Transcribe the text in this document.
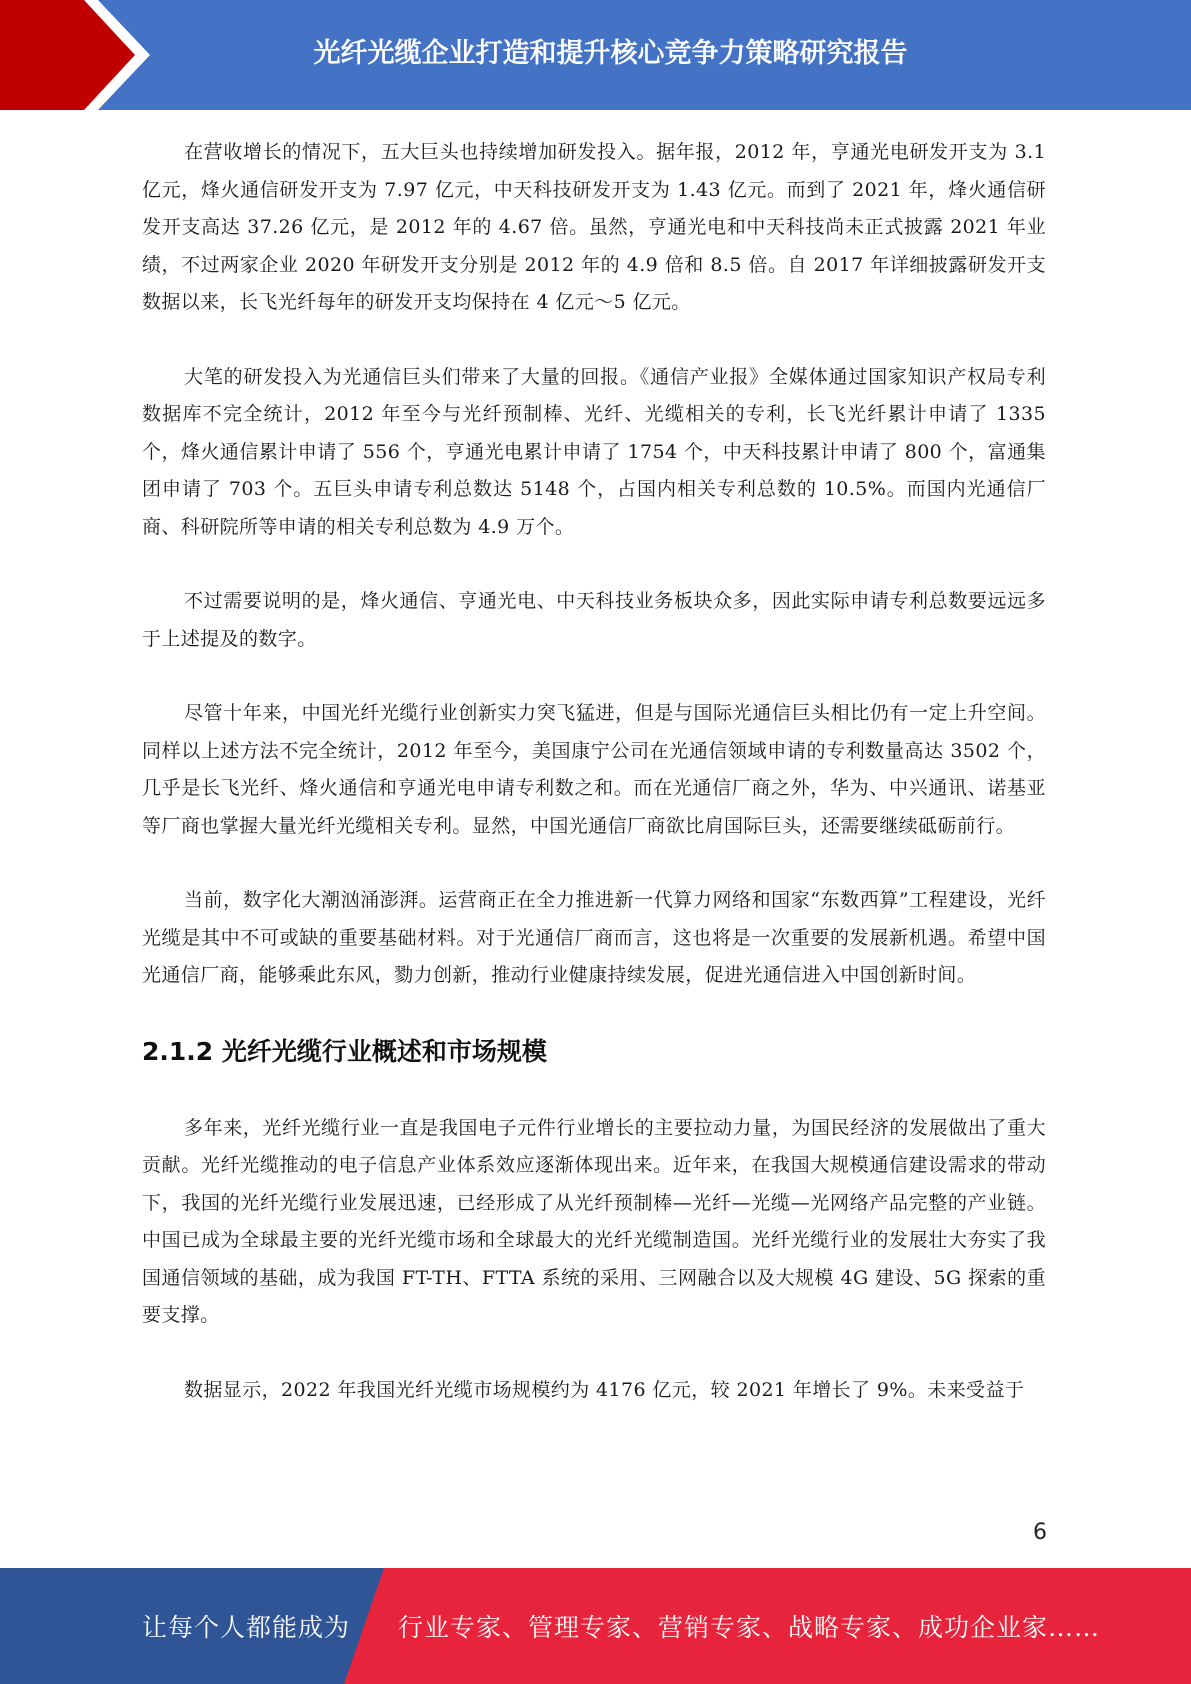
光纤光缆企业打造和提升核心竞争力策略研究报告

在营收增长的情况下，五大巨头也持续增加研发投入。据年报，2012 年，亨通光电研发开支为 3.1 亿元，烽火通信研发开支为 7.97 亿元，中天科技研发开支为 1.43 亿元。而到了 2021 年，烽火通信研发开支高达 37.26 亿元，是 2012 年的 4.67 倍。虽然，亨通光电和中天科技尚未正式披露 2021 年业绩，不过两家企业 2020 年研发开支分别是 2012 年的 4.9 倍和 8.5 倍。自 2017 年详细披露研发开支数据以来，长飞光纤每年的研发开支均保持在 4 亿元～5 亿元。

大笔的研发投入为光通信巨头们带来了大量的回报。《通信产业报》全媒体通过国家知识产权局专利数据库不完全统计，2012 年至今与光纤预制棒、光纤、光缆相关的专利，长飞光纤累计申请了 1335 个，烽火通信累计申请了 556 个，亨通光电累计申请了 1754 个，中天科技累计申请了 800 个，富通集团申请了 703 个。五巨头申请专利总数达 5148 个，占国内相关专利总数的 10.5%。而国内光通信厂商、科研院所等申请的相关专利总数为 4.9 万个。

不过需要说明的是，烽火通信、亨通光电、中天科技业务板块众多，因此实际申请专利总数要远远多于上述提及的数字。

尽管十年来，中国光纤光缆行业创新实力突飞猛进，但是与国际光通信巨头相比仍有一定上升空间。同样以上述方法不完全统计，2012 年至今，美国康宁公司在光通信领域申请的专利数量高达 3502 个，几乎是长飞光纤、烽火通信和亨通光电申请专利数之和。而在光通信厂商之外，华为、中兴通讯、诺基亚等厂商也掌握大量光纤光缆相关专利。显然，中国光通信厂商欲比肩国际巨头，还需要继续砥砺前行。

当前，数字化大潮汹涌澎湃。运营商正在全力推进新一代算力网络和国家“东数西算”工程建设，光纤光缆是其中不可或缺的重要基础材料。对于光通信厂商而言，这也将是一次重要的发展新机遇。希望中国光通信厂商，能够乘此东风，勠力创新，推动行业健康持续发展，促进光通信进入中国创新时间。

2.1.2 光纤光缆行业概述和市场规模

多年来，光纤光缆行业一直是我国电子元件行业增长的主要拉动力量，为国民经济的发展做出了重大贡献。光纤光缆推动的电子信息产业体系效应逐渐体现出来。近年来，在我国大规模通信建设需求的带动下，我国的光纤光缆行业发展迅速，已经形成了从光纤预制棒—光纤—光缆—光网络产品完整的产业链。中国已成为全球最主要的光纤光缆市场和全球最大的光纤光缆制造国。光纤光缆行业的发展壮大夯实了我国通信领域的基础，成为我国 FT-TH、FTTA 系统的采用、三网融合以及大规模 4G 建设、5G 探索的重要支撑。

数据显示，2022 年我国光纤光缆市场规模约为 4176 亿元，较 2021 年增长了 9%。未来受益于

6
让每个人都能成为 行业专家、管理专家、营销专家、战略专家、成功企业家……
